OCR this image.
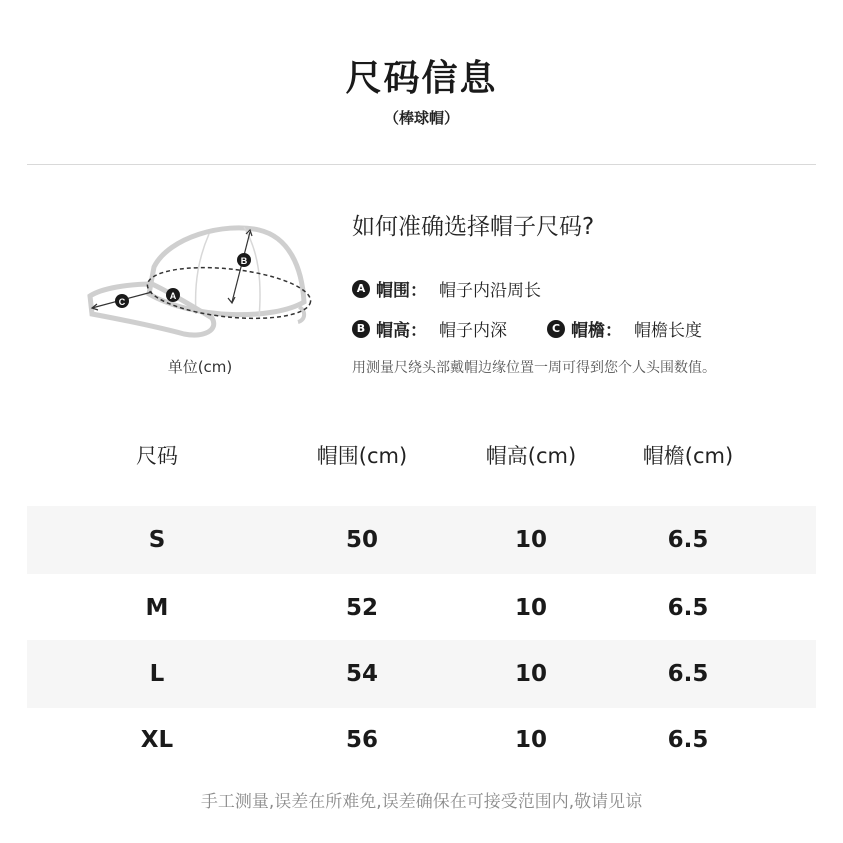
尺码信息
（棒球帽）
A
B
C
单位(cm)
如何准确选择帽子尺码?
A 帽围： 帽子内沿周长
B 帽高： 帽子内深	C 帽檐： 帽檐长度
用测量尺绕头部戴帽边缘位置一周可得到您个人头围数值。
尺码	帽围(cm)	帽高(cm)	帽檐(cm)
S	50	10	6.5
M	52	10	6.5
L	54	10	6.5
XL	56	10	6.5
手工测量,误差在所难免,误差确保在可接受范围内,敬请见谅
